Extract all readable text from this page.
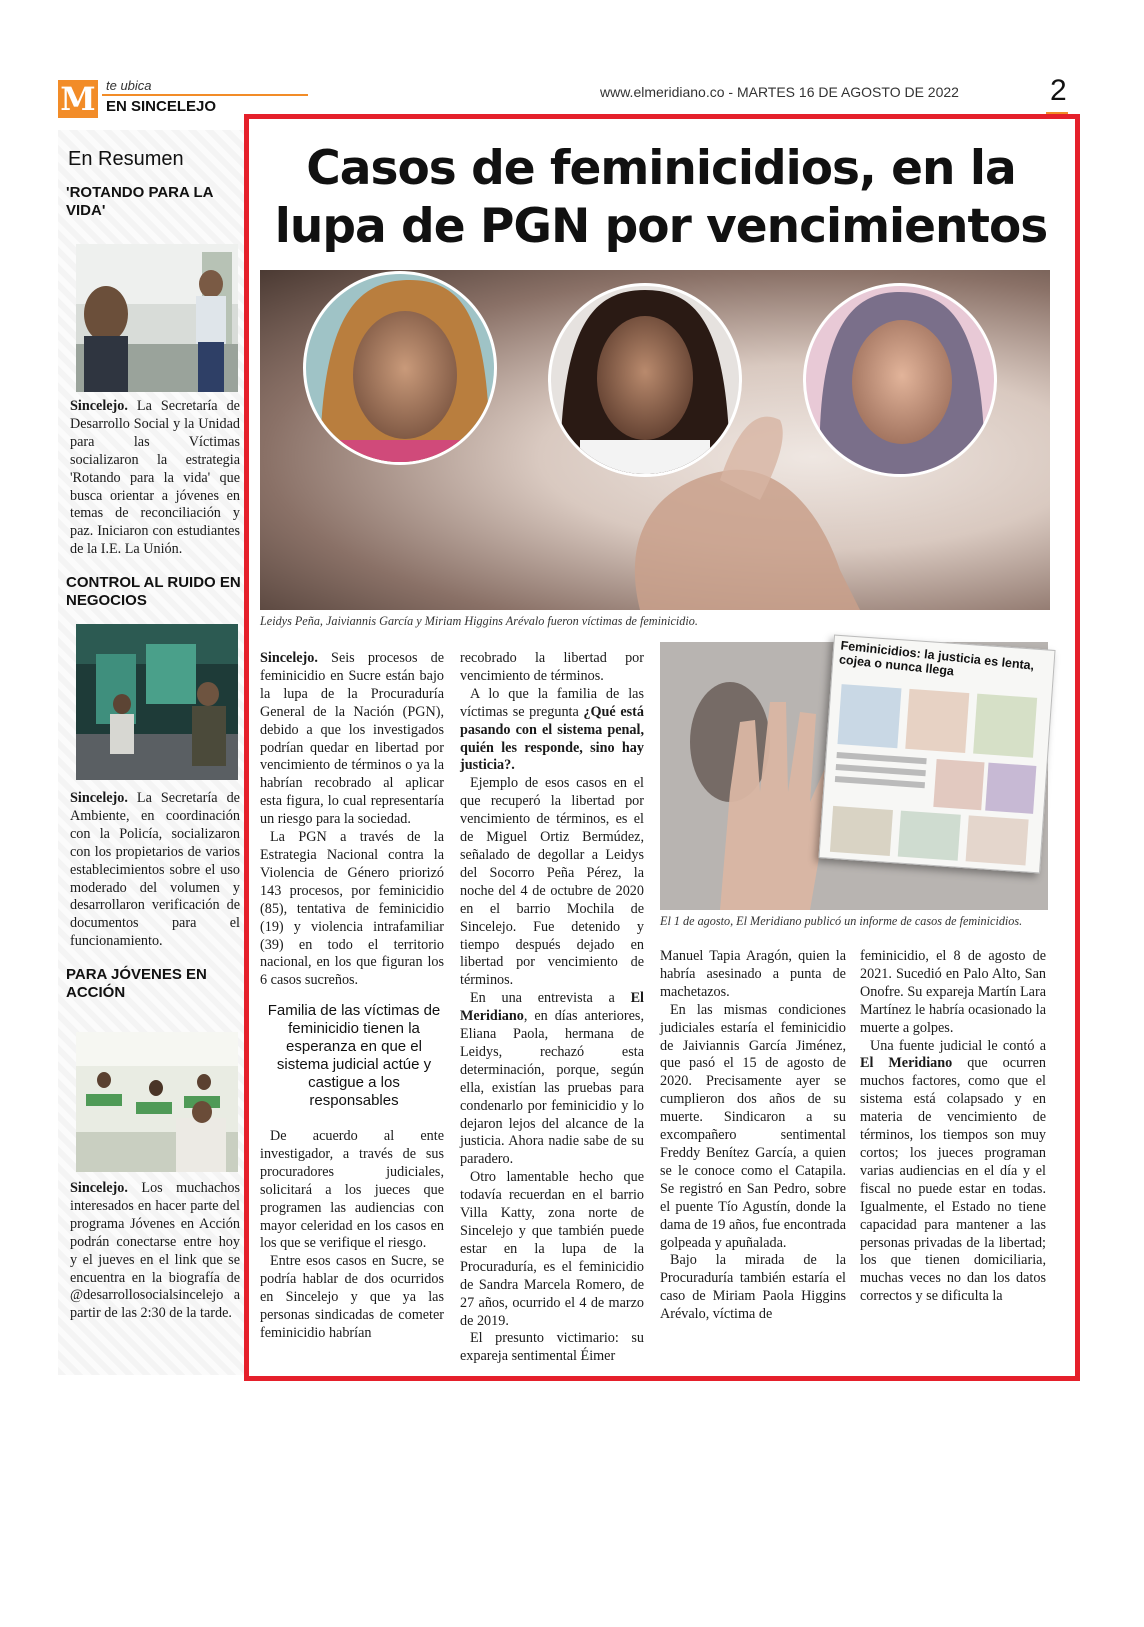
M te ubica
EN SINCELEJO
www.elmeridiano.co - MARTES 16 DE AGOSTO DE 2022	2
En Resumen
'ROTANDO PARA LA VIDA'
Sincelejo. La Secretaría de Desarrollo Social y la Unidad para las Víctimas socializaron la estrategia 'Rotando para la vida' que busca orientar a jóvenes en temas de reconciliación y paz. Iniciaron con estudiantes de la I.E. La Unión.
CONTROL AL RUIDO EN NEGOCIOS
Sincelejo. La Secretaría de Ambiente, en coordinación con la Policía, socializaron con los propietarios de varios establecimientos sobre el uso moderado del volumen y desarrollaron verificación de documentos para el funcionamiento.
PARA JÓVENES EN ACCIÓN
Sincelejo. Los muchachos interesados en hacer parte del programa Jóvenes en Acción podrán conectarse entre hoy y el jueves en el link que se encuentra en la biografía de @desarrollosocialsincelejo a partir de las 2:30 de la tarde.
Casos de feminicidios, en la lupa de PGN por vencimientos
Leidys Peña, Jaiviannis García y Miriam Higgins Arévalo fueron víctimas de feminicidio.

Sincelejo. Seis procesos de feminicidio en Sucre están bajo la lupa de la Procuraduría General de la Nación (PGN), debido a que los investigados podrían quedar en libertad por vencimiento de términos o ya la habrían recobrado al aplicar esta figura, lo cual representaría un riesgo para la sociedad.

La PGN a través de la Estrategia Nacional contra la Violencia de Género priorizó 143 procesos, por feminicidio (85), tentativa de feminicidio (19) y violencia intrafamiliar (39) en todo el territorio nacional, en los que figuran los 6 casos sucreños.

Familia de las víctimas de feminicidio tienen la esperanza en que el sistema judicial actúe y castigue a los responsables

De acuerdo al ente investigador, a través de sus procuradores judiciales, solicitará a los jueces que programen las audiencias con mayor celeridad en los casos en los que se verifique el riesgo.

Entre esos casos en Sucre, se podría hablar de dos ocurridos en Sincelejo y que ya las personas sindicadas de cometer feminicidio habrían

recobrado la libertad por vencimiento de términos.

A lo que la familia de las víctimas se pregunta ¿Qué está pasando con el sistema penal, quién les responde, sino hay justicia?.

Ejemplo de esos casos en el que recuperó la libertad por vencimiento de términos, es el de Miguel Ortiz Bermúdez, señalado de degollar a Leidys del Socorro Peña Pérez, la noche del 4 de octubre de 2020 en el barrio Mochila de Sincelejo. Fue detenido y tiempo después dejado en libertad por vencimiento de términos.

En una entrevista a El Meridiano, en días anteriores, Eliana Paola, hermana de Leidys, rechazó esta determinación, porque, según ella, existían las pruebas para condenarlo por feminicidio y lo dejaron lejos del alcance de la justicia. Ahora nadie sabe de su paradero.

Otro lamentable hecho que todavía recuerdan en el barrio Villa Katty, zona norte de Sincelejo y que también puede estar en la lupa de la Procuraduría, es el feminicidio de Sandra Marcela Romero, de 27 años, ocurrido el 4 de marzo de 2019.

El presunto victimario: su expareja sentimental Éimer

Feminicidios: la justicia es lenta, cojea o nunca llega
El 1 de agosto, El Meridiano publicó un informe de casos de feminicidios.

Manuel Tapia Aragón, quien la habría asesinado a punta de machetazos.

En las mismas condiciones judiciales estaría el feminicidio de Jaiviannis García Jiménez, que pasó el 15 de agosto de 2020. Precisamente ayer se cumplieron dos años de su muerte. Sindicaron a su excompañero sentimental Freddy Benítez García, a quien se le conoce como el Catapila. Se registró en San Pedro, sobre el puente Tío Agustín, donde la dama de 19 años, fue encontrada golpeada y apuñalada.

Bajo la mirada de la Procuraduría también estaría el caso de Miriam Paola Higgins Arévalo, víctima de

feminicidio, el 8 de agosto de 2021. Sucedió en Palo Alto, San Onofre. Su expareja Martín Lara Martínez le habría ocasionado la muerte a golpes.

Una fuente judicial le contó a El Meridiano que ocurren muchos factores, como que el sistema está colapsado y en materia de vencimiento de términos, los tiempos son muy cortos; los jueces programan varias audiencias en el día y el fiscal no puede estar en todas. Igualmente, el Estado no tiene capacidad para mantener a las personas privadas de la libertad; los que tienen domiciliaria, muchas veces no dan los datos correctos y se dificulta la
